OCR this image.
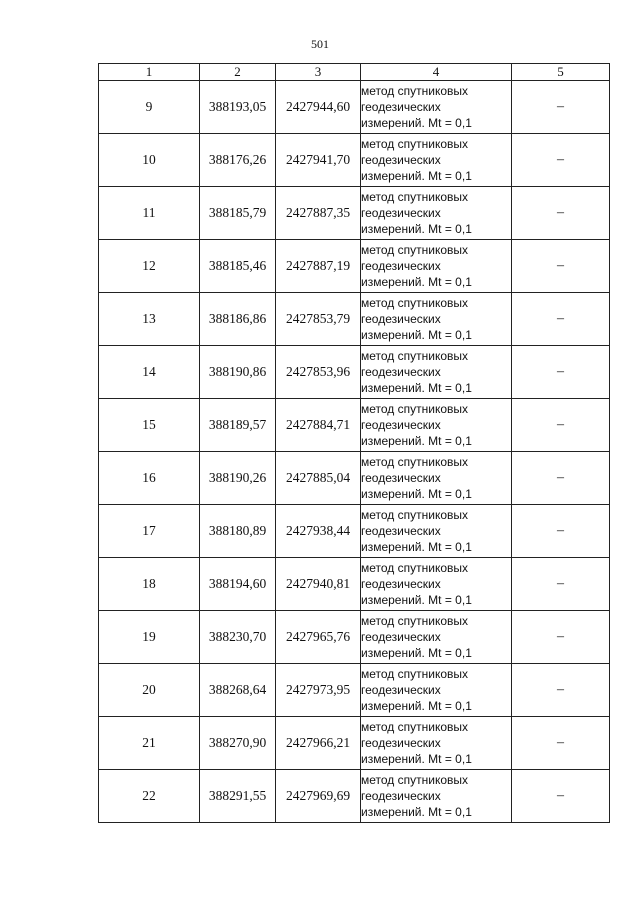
501
1	2	3	4	5
9	388193,05	2427944,60	метод спутниковых
геодезических
измерений. Mt = 0,1	–
10	388176,26	2427941,70	метод спутниковых
геодезических
измерений. Mt = 0,1	–
11	388185,79	2427887,35	метод спутниковых
геодезических
измерений. Mt = 0,1	–
12	388185,46	2427887,19	метод спутниковых
геодезических
измерений. Mt = 0,1	–
13	388186,86	2427853,79	метод спутниковых
геодезических
измерений. Mt = 0,1	–
14	388190,86	2427853,96	метод спутниковых
геодезических
измерений. Mt = 0,1	–
15	388189,57	2427884,71	метод спутниковых
геодезических
измерений. Mt = 0,1	–
16	388190,26	2427885,04	метод спутниковых
геодезических
измерений. Mt = 0,1	–
17	388180,89	2427938,44	метод спутниковых
геодезических
измерений. Mt = 0,1	–
18	388194,60	2427940,81	метод спутниковых
геодезических
измерений. Mt = 0,1	–
19	388230,70	2427965,76	метод спутниковых
геодезических
измерений. Mt = 0,1	–
20	388268,64	2427973,95	метод спутниковых
геодезических
измерений. Mt = 0,1	–
21	388270,90	2427966,21	метод спутниковых
геодезических
измерений. Mt = 0,1	–
22	388291,55	2427969,69	метод спутниковых
геодезических
измерений. Mt = 0,1	–
